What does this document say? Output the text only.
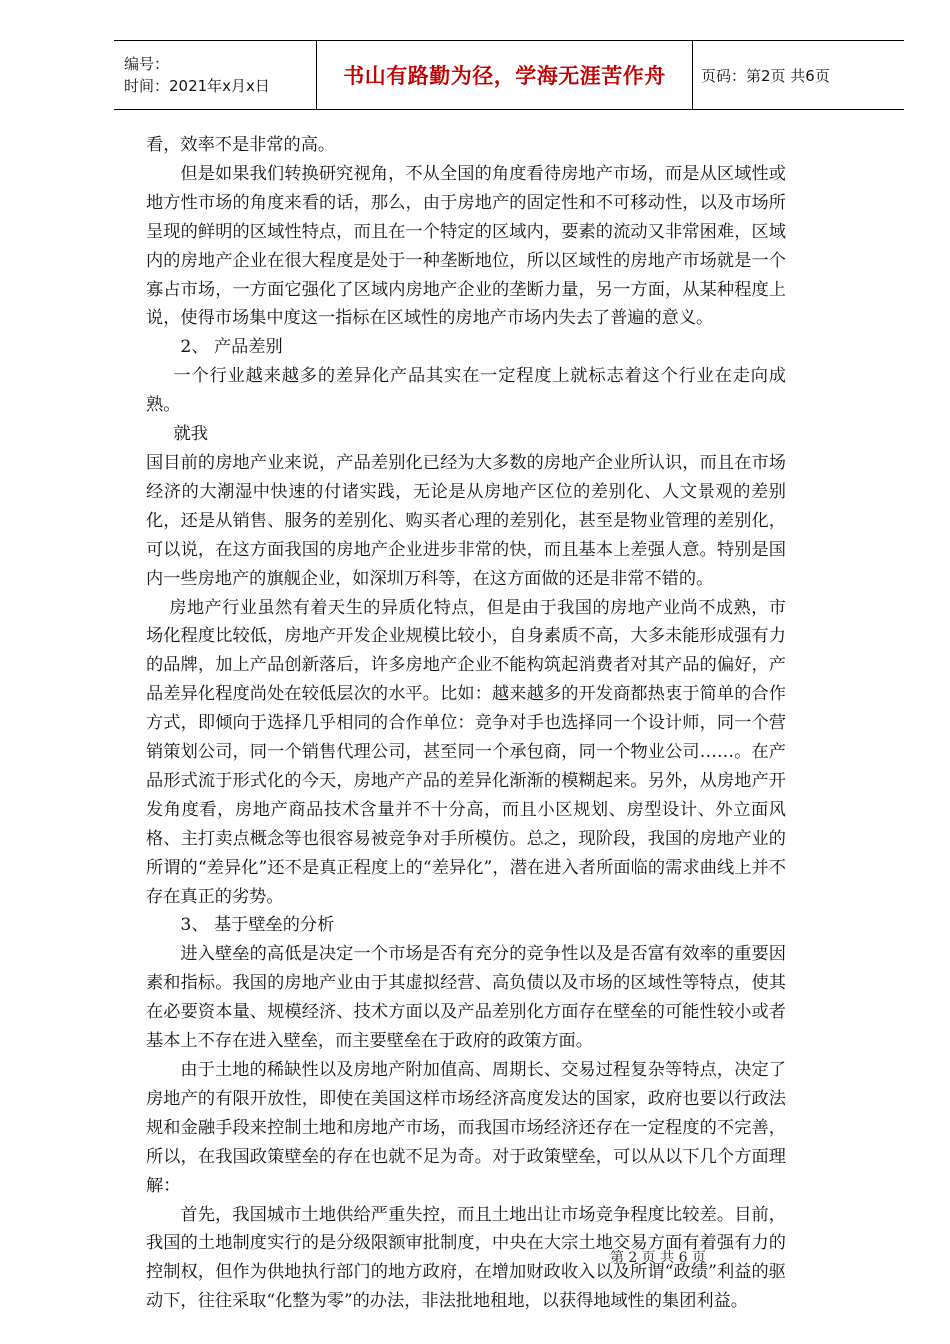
编号：
时间：2021年x月x日	书山有路勤为径，学海无涯苦作舟 页码：第2页 共6页

看，效率不是非常的高。

但是如果我们转换研究视角，不从全国的角度看待房地产市场，而是从区域性或地方性市场的角度来看的话，那么，由于房地产的固定性和不可移动性，以及市场所呈现的鲜明的区域性特点，而且在一个特定的区域内，要素的流动又非常困难，区域内的房地产企业在很大程度是处于一种垄断地位，所以区域性的房地产市场就是一个寡占市场，一方面它强化了区域内房地产企业的垄断力量，另一方面，从某种程度上说，使得市场集中度这一指标在区域性的房地产市场内失去了普遍的意义。

2、 产品差别

一个行业越来越多的差异化产品其实在一定程度上就标志着这个行业在走向成熟。

就我

国目前的房地产业来说，产品差别化已经为大多数的房地产企业所认识，而且在市场经济的大潮湿中快速的付诸实践，无论是从房地产区位的差别化、人文景观的差别化，还是从销售、服务的差别化、购买者心理的差别化，甚至是物业管理的差别化，可以说，在这方面我国的房地产企业进步非常的快，而且基本上差强人意。特别是国内一些房地产的旗舰企业，如深圳万科等，在这方面做的还是非常不错的。

房地产行业虽然有着天生的异质化特点，但是由于我国的房地产业尚不成熟，市场化程度比较低，房地产开发企业规模比较小，自身素质不高，大多未能形成强有力的品牌，加上产品创新落后，许多房地产企业不能构筑起消费者对其产品的偏好，产品差异化程度尚处在较低层次的水平。比如：越来越多的开发商都热衷于简单的合作方式，即倾向于选择几乎相同的合作单位：竞争对手也选择同一个设计师，同一个营销策划公司，同一个销售代理公司，甚至同一个承包商，同一个物业公司……。在产品形式流于形式化的今天，房地产产品的差异化渐渐的模糊起来。另外，从房地产开发角度看，房地产商品技术含量并不十分高，而且小区规划、房型设计、外立面风格、主打卖点概念等也很容易被竞争对手所模仿。总之，现阶段，我国的房地产业的所谓的“差异化”还不是真正程度上的“差异化”，潜在进入者所面临的需求曲线上并不存在真正的劣势。

3、 基于壁垒的分析

进入壁垒的高低是决定一个市场是否有充分的竞争性以及是否富有效率的重要因素和指标。我国的房地产业由于其虚拟经营、高负债以及市场的区域性等特点，使其在必要资本量、规模经济、技术方面以及产品差别化方面存在壁垒的可能性较小或者基本上不存在进入壁垒，而主要壁垒在于政府的政策方面。

由于土地的稀缺性以及房地产附加值高、周期长、交易过程复杂等特点，决定了房地产的有限开放性，即使在美国这样市场经济高度发达的国家，政府也要以行政法规和金融手段来控制土地和房地产市场，而我国市场经济还存在一定程度的不完善，所以，在我国政策壁垒的存在也就不足为奇。对于政策壁垒，可以从以下几个方面理解：

首先，我国城市土地供给严重失控，而且土地出让市场竞争程度比较差。目前，我国的土地制度实行的是分级限额审批制度，中央在大宗土地交易方面有着强有力的控制权，但作为供地执行部门的地方政府，在增加财政收入以及所谓“政绩”利益的驱动下，往往采取“化整为零”的办法，非法批地租地，以获得地域性的集团利益。

第 2 页 共 6 页
